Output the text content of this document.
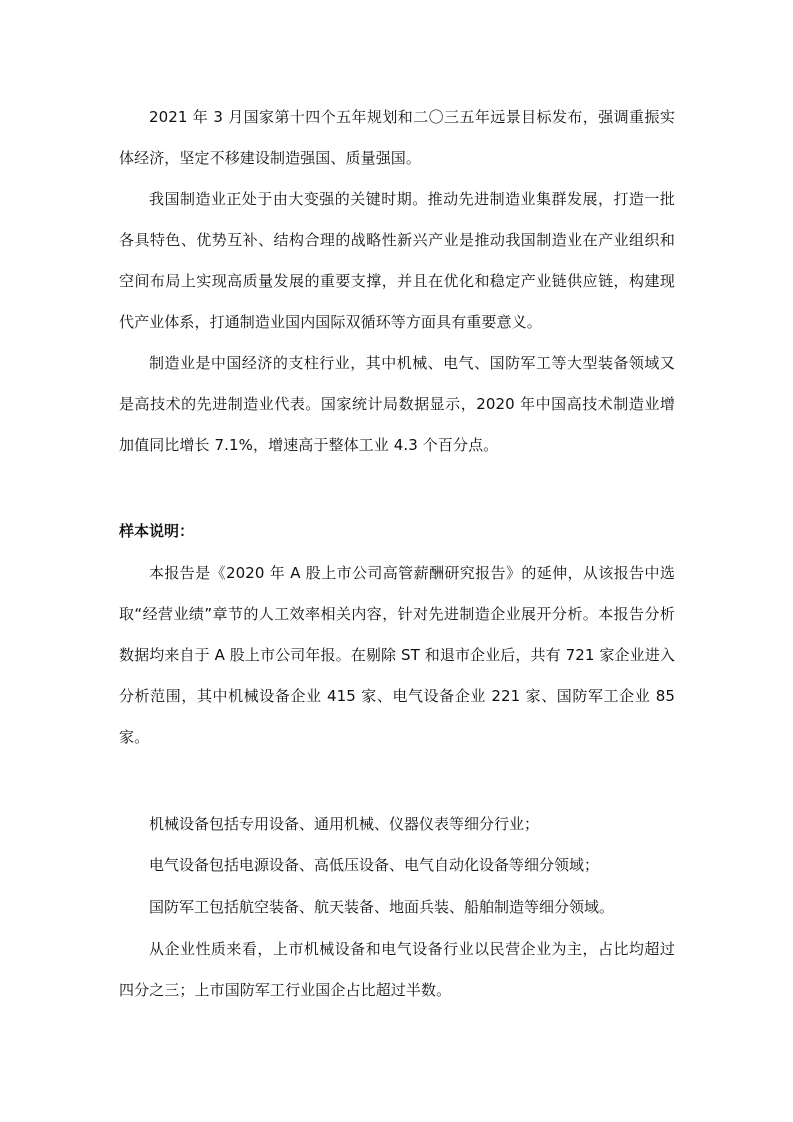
2021 年 3 月国家第十四个五年规划和二〇三五年远景目标发布，强调重振实体经济，坚定不移建设制造强国、质量强国。

我国制造业正处于由大变强的关键时期。推动先进制造业集群发展，打造一批各具特色、优势互补、结构合理的战略性新兴产业是推动我国制造业在产业组织和空间布局上实现高质量发展的重要支撑，并且在优化和稳定产业链供应链，构建现代产业体系，打通制造业国内国际双循环等方面具有重要意义。

制造业是中国经济的支柱行业，其中机械、电气、国防军工等大型装备领域又是高技术的先进制造业代表。国家统计局数据显示，2020 年中国高技术制造业增加值同比增长 7.1%，增速高于整体工业 4.3 个百分点。

样本说明：

本报告是《2020 年 A 股上市公司高管薪酬研究报告》的延伸，从该报告中选取“经营业绩”章节的人工效率相关内容，针对先进制造企业展开分析。本报告分析数据均来自于 A 股上市公司年报。在剔除 ST 和退市企业后，共有 721 家企业进入分析范围，其中机械设备企业 415 家、电气设备企业 221 家、国防军工企业 85 家。

机械设备包括专用设备、通用机械、仪器仪表等细分行业；

电气设备包括电源设备、高低压设备、电气自动化设备等细分领域；

国防军工包括航空装备、航天装备、地面兵装、船舶制造等细分领域。

从企业性质来看，上市机械设备和电气设备行业以民营企业为主，占比均超过四分之三；上市国防军工行业国企占比超过半数。
